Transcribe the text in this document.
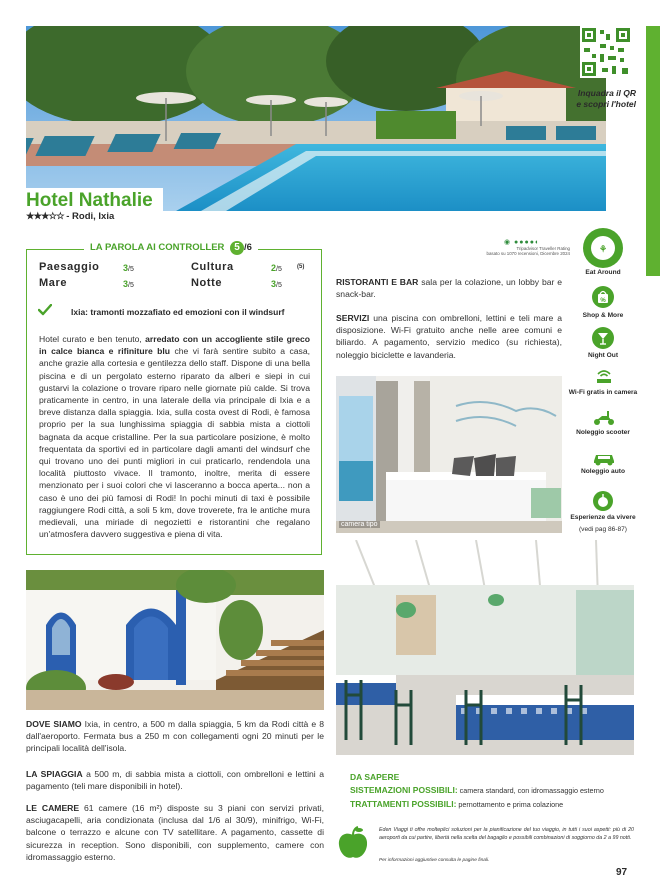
Inquadra il QR
e scopri l'hotel
Hotel Nathalie
★★★☆☆ - Rodi, Ixia
LA PAROLA AI CONTROLLER 5 /6
Paesaggio	3/5	Cultura	2/5	(5)
Mare	3/5	Notte	3/5
Ixia: tramonti mozzafiato ed emozioni con il windsurf
Hotel curato e ben tenuto, arredato con un accogliente stile greco in calce bianca e rifiniture blu che vi farà sentire subito a casa, anche grazie alla cortesia e gentilezza dello staff. Dispone di una bella piscina e di un pergolato esterno riparato da alberi e siepi in cui gustarvi la colazione o trovare riparo nelle giornate più calde. Si trova praticamente in centro, in una laterale della via principale di Ixia e a breve distanza dalla spiaggia. Ixia, sulla costa ovest di Rodi, è famosa proprio per la sua lunghissima spiaggia di sabbia mista a ciottoli bagnata da acque cristalline. Per la sua particolare posizione, è molto frequentata da sportivi ed in particolare dagli amanti del windsurf che qui trovano uno dei punti migliori in cui praticarlo, rendendola una località piuttosto vivace. Il tramonto, inoltre, merita di essere menzionato per i suoi colori che vi lasceranno a bocca aperta... non a caso è uno dei più famosi di Rodi! In pochi minuti di taxi è possibile raggiungere Rodi città, a soli 5 km, dove troverete, fra le antiche mura medievali, una miriade di negozietti e ristorantini che regalano un'atmosfera davvero suggestiva e piena di vita.
◉ ●●●●◐
Tripadvisor Traveller Rating
basato su 1070 recensioni, Dicembre 2024
RISTORANTI E BAR sala per la colazione, un lobby bar e snack-bar.
SERVIZI una piscina con ombrelloni, lettini e teli mare a disposizione. Wi-Fi gratuito anche nelle aree comuni e biliardo. A pagamento, servizio medico (su richiesta), noleggio biciclette e lavanderia.
⚘
Eat Around
%
Shop & More
Night Out
Wi-Fi gratis in camera
Noleggio scooter
Noleggio auto
Esperienze da vivere
(vedi pag 86-87)
camera tipo
DOVE SIAMO Ixia, in centro, a 500 m dalla spiaggia, 5 km da Rodi città e 8 dall'aeroporto. Fermata bus a 250 m con collegamenti ogni 20 minuti per le principali località dell'isola.
LA SPIAGGIA a 500 m, di sabbia mista a ciottoli, con ombrelloni e lettini a pagamento (teli mare disponibili in hotel).
LE CAMERE 61 camere (16 m²) disposte su 3 piani con servizi privati, asciugacapelli, aria condizionata (inclusa dal 1/6 al 30/9), minifrigo, Wi-Fi, balcone o terrazzo e alcune con TV satellitare. A pagamento, cassette di sicurezza in reception. Sono disponibili, con supplemento, camere con idromassaggio esterno.
DA SAPERE
SISTEMAZIONI POSSIBILI: camera standard, con idromassaggio esterno
TRATTAMENTI POSSIBILI: pernottamento e prima colazione
Eden Viaggi ti offre molteplici soluzioni per la pianificazione del tuo viaggio, in tutti i suoi aspetti: più di 20 aeroporti da cui partire, libertà nella scelta del bagaglio e possibili combinazioni di soggiorno da 2 a 99 notti.
Per informazioni aggiuntive consulta le pagine finali.
97
